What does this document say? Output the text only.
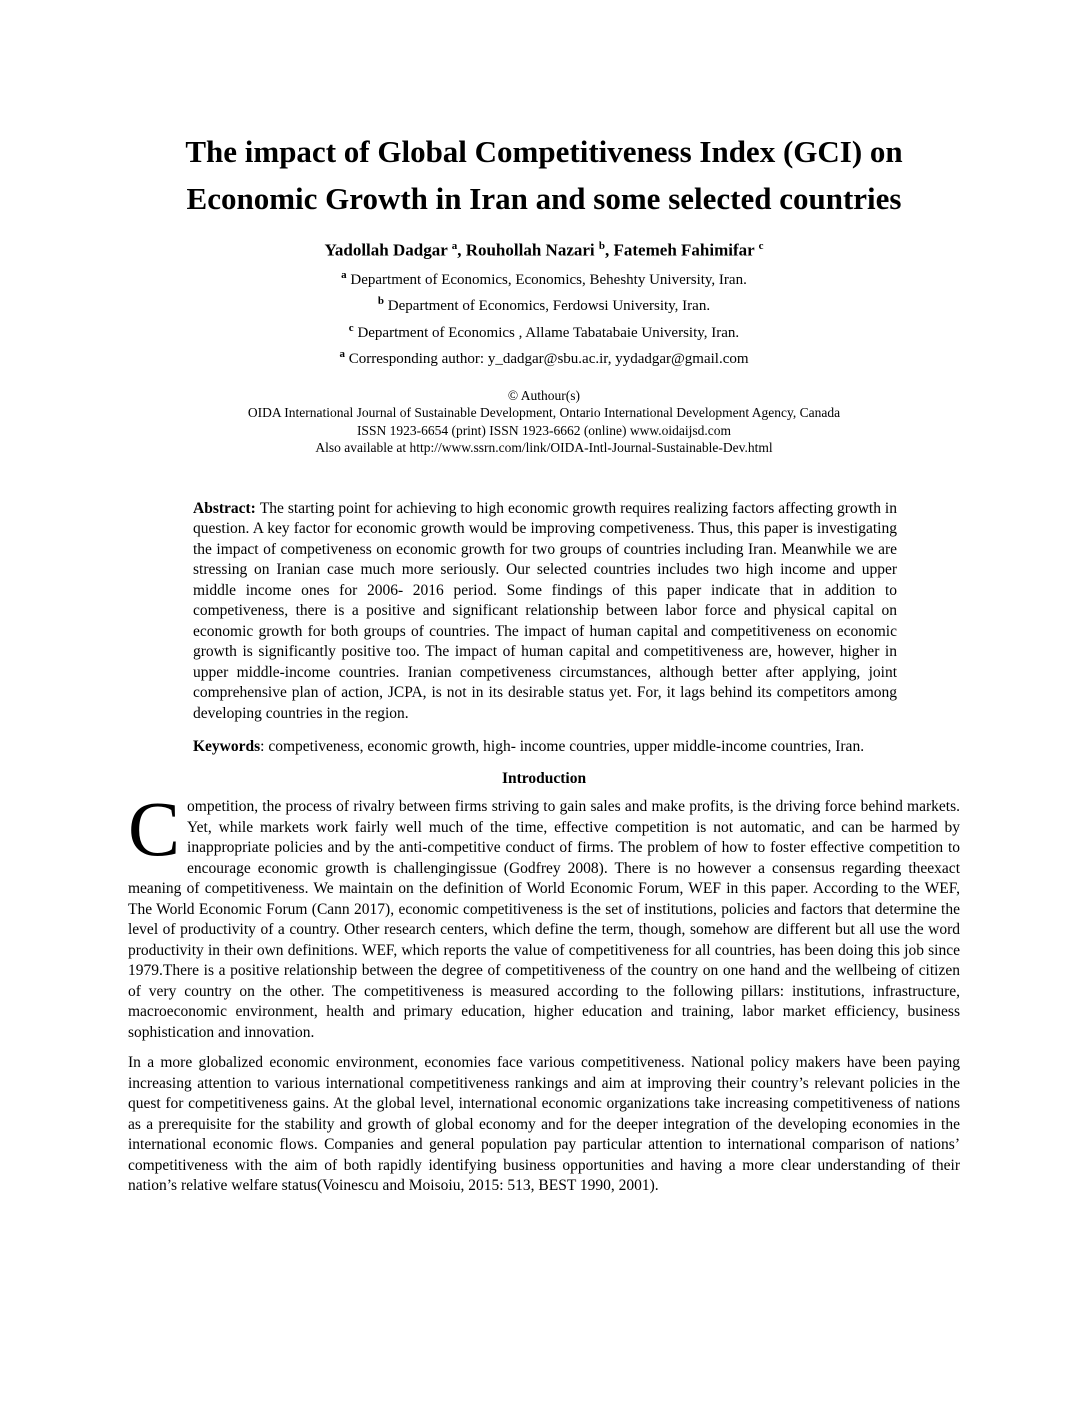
The impact of Global Competitiveness Index (GCI) on
Economic Growth in Iran and some selected countries
Yadollah Dadgar $^a$, Rouhollah Nazari $^b$, Fatemeh Fahimifar $^c$
$^a$ Department of Economics, Economics, Beheshty University, Iran.
$^b$ Department of Economics, Ferdowsi University, Iran.
$^c$ Department of Economics , Allame Tabatabaie University, Iran.
$^a$ Corresponding author: y_dadgar@sbu.ac.ir, yydadgar@gmail.com
© Authour(s)
OIDA International Journal of Sustainable Development, Ontario International Development Agency, Canada
ISSN 1923-6654 (print) ISSN 1923-6662 (online) www.oidaijsd.com
Also available at http://www.ssrn.com/link/OIDA-Intl-Journal-Sustainable-Dev.html

Abstract: The starting point for achieving to high economic growth requires realizing factors affecting growth in question. A key factor for economic growth would be improving competiveness. Thus, this paper is investigating the impact of competiveness on economic growth for two groups of countries including Iran. Meanwhile we are stressing on Iranian case much more seriously. Our selected countries includes two high income and upper middle income ones for 2006- 2016 period. Some findings of this paper indicate that in addition to competiveness, there is a positive and significant relationship between labor force and physical capital on economic growth for both groups of countries. The impact of human capital and competitiveness on economic growth is significantly positive too. The impact of human capital and competitiveness are, however, higher in upper middle-income countries. Iranian competiveness circumstances, although better after applying, joint comprehensive plan of action, JCPA, is not in its desirable status yet. For, it lags behind its competitors among developing countries in the region.

Keywords: competiveness, economic growth, high- income countries, upper middle-income countries, Iran.

Introduction

Competition, the process of rivalry between firms striving to gain sales and make profits, is the driving force behind markets. Yet, while markets work fairly well much of the time, effective competition is not automatic, and can be harmed by inappropriate policies and by the anti-competitive conduct of firms. The problem of how to foster effective competition to encourage economic growth is challengingissue (Godfrey 2008). There is no however a consensus regarding theexact meaning of competitiveness. We maintain on the definition of World Economic Forum, WEF in this paper. According to the WEF, The World Economic Forum (Cann 2017), economic competitiveness is the set of institutions, policies and factors that determine the level of productivity of a country. Other research centers, which define the term, though, somehow are different but all use the word productivity in their own definitions. WEF, which reports the value of competitiveness for all countries, has been doing this job since 1979.There is a positive relationship between the degree of competitiveness of the country on one hand and the wellbeing of citizen of very country on the other. The competitiveness is measured according to the following pillars: institutions, infrastructure, macroeconomic environment, health and primary education, higher education and training, labor market efficiency, business sophistication and innovation.

In a more globalized economic environment, economies face various competitiveness. National policy makers have been paying increasing attention to various international competitiveness rankings and aim at improving their country’s relevant policies in the quest for competitiveness gains. At the global level, international economic organizations take increasing competitiveness of nations as a prerequisite for the stability and growth of global economy and for the deeper integration of the developing economies in the international economic flows. Companies and general population pay particular attention to international comparison of nations’ competitiveness with the aim of both rapidly identifying business opportunities and having a more clear understanding of their nation’s relative welfare status(Voinescu and Moisoiu, 2015: 513, BEST 1990, 2001).
